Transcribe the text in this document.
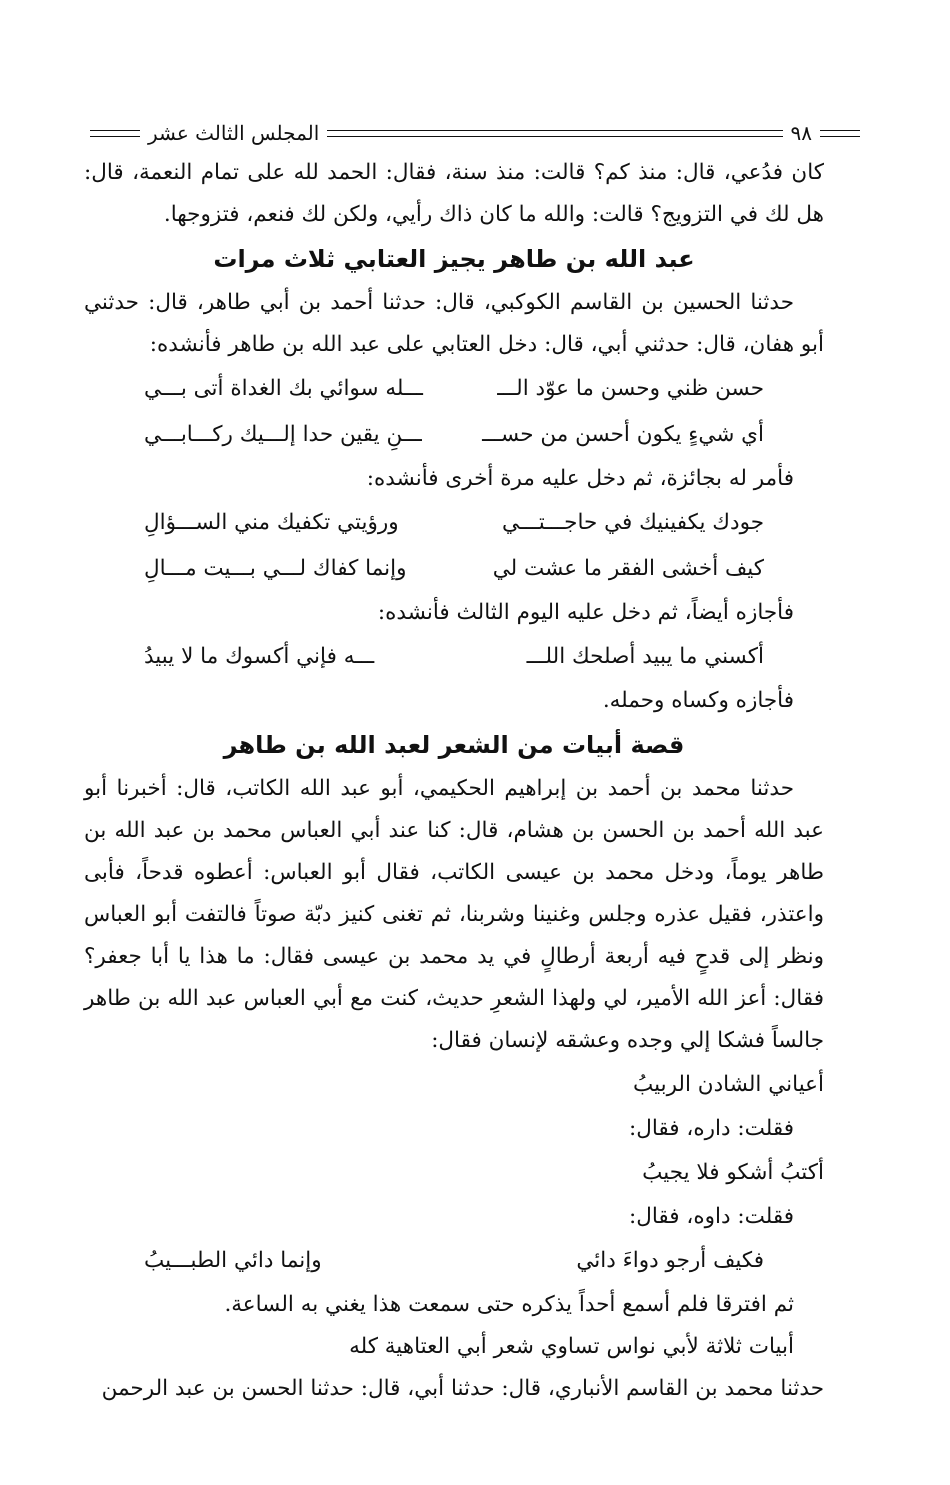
٩٨
المجلس الثالث عشر

كان فدُعي، قال: منذ كم؟ قالت: منذ سنة، فقال: الحمد لله على تمام النعمة، قال: هل لك في التزويج؟ قالت: والله ما كان ذاك رأيي، ولكن لك فنعم، فتزوجها.

عبد الله بن طاهر يجيز العتابي ثلاث مرات

حدثنا الحسين بن القاسم الكوكبي، قال: حدثنا أحمد بن أبي طاهر، قال: حدثني أبو هفان، قال: حدثني أبي، قال: دخل العتابي على عبد الله بن طاهر فأنشده:

حسن ظني وحسن ما عوّد الـــ
ـــله سوائي بك الغداة أتى بـــي
أي شيءٍ يكون أحسن من حســـ
ـــنِ يقين حدا إلـــيك ركـــابـــي

فأمر له بجائزة، ثم دخل عليه مرة أخرى فأنشده:

جودك يكفينيك في حاجـــتـــي
ورؤيتي تكفيك مني الســـؤالِ
كيف أخشى الفقر ما عشت لي
وإنما كفاك لـــي بـــيت مـــالِ

فأجازه أيضاً، ثم دخل عليه اليوم الثالث فأنشده:

أكسني ما يبيد أصلحك اللـــ
ـــه فإني أكسوك ما لا يبيدُ

فأجازه وكساه وحمله.

قصة أبيات من الشعر لعبد الله بن طاهر

حدثنا محمد بن أحمد بن إبراهيم الحكيمي، أبو عبد الله الكاتب، قال: أخبرنا أبو عبد الله أحمد بن الحسن بن هشام، قال: كنا عند أبي العباس محمد بن عبد الله بن طاهر يوماً، ودخل محمد بن عيسى الكاتب، فقال أبو العباس: أعطوه قدحاً، فأبى واعتذر، فقيل عذره وجلس وغنينا وشربنا، ثم تغنى كنيز دبّة صوتاً فالتفت أبو العباس ونظر إلى قدحٍ فيه أربعة أرطالٍ في يد محمد بن عيسى فقال: ما هذا يا أبا جعفر؟ فقال: أعز الله الأمير، لي ولهذا الشعرِ حديث، كنت مع أبي العباس عبد الله بن طاهر جالساً فشكا إلي وجده وعشقه لإنسان فقال:

أعياني الشادن الربيبُ

فقلت: داره، فقال:

أكتبُ أشكو فلا يجيبُ

فقلت: داوه، فقال:

فكيف أرجو دواءَ دائي
وإنما دائي الطبـــيبُ

ثم افترقا فلم أسمع أحداً يذكره حتى سمعت هذا يغني به الساعة.

أبيات ثلاثة لأبي نواس تساوي شعر أبي العتاهية كله

حدثنا محمد بن القاسم الأنباري، قال: حدثنا أبي، قال: حدثنا الحسن بن عبد الرحمن
